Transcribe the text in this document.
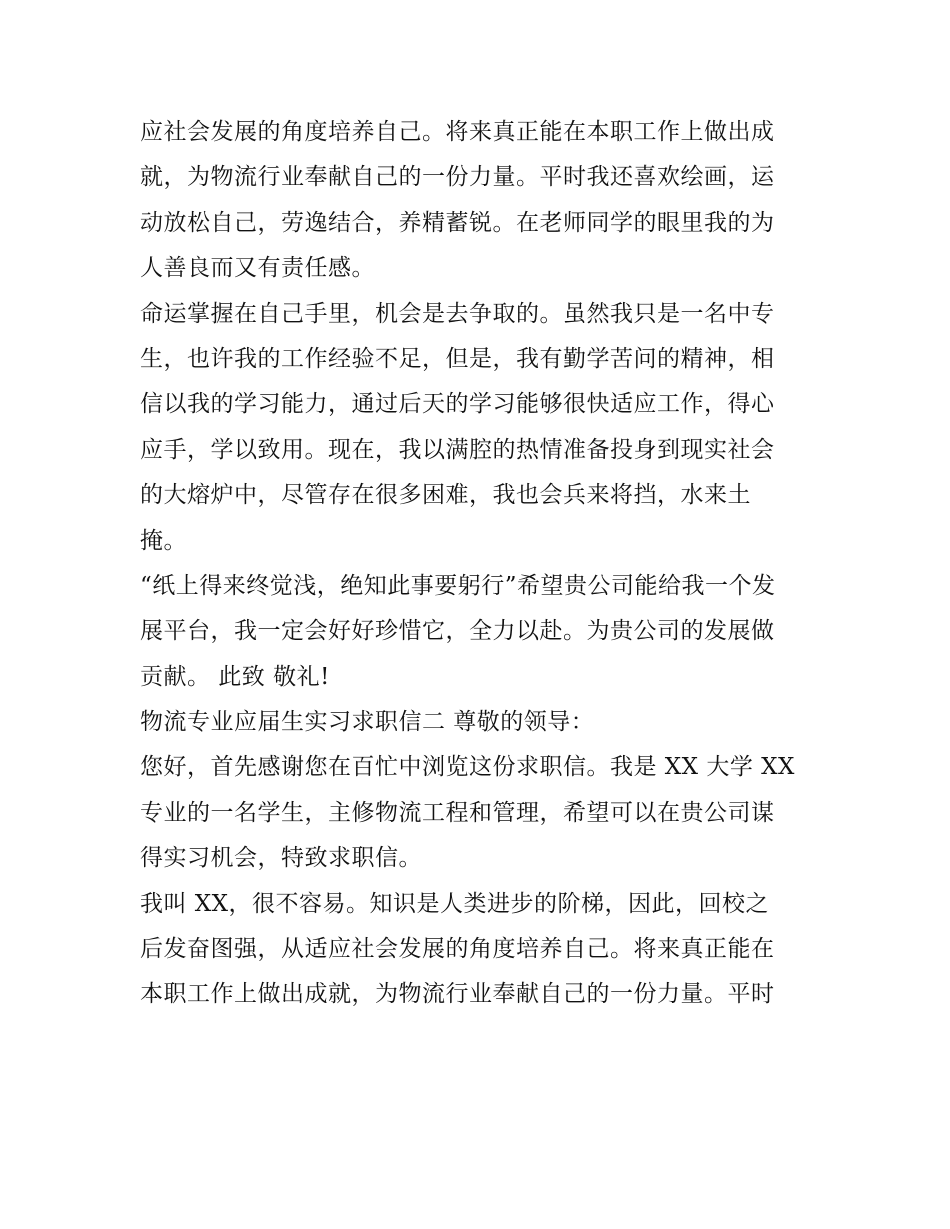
应社会发展的角度培养自己。将来真正能在本职工作上做出成
就，为物流行业奉献自己的一份力量。平时我还喜欢绘画，运
动放松自己，劳逸结合，养精蓄锐。在老师同学的眼里我的为
人善良而又有责任感。
命运掌握在自己手里，机会是去争取的。虽然我只是一名中专
生，也许我的工作经验不足，但是，我有勤学苦问的精神，相
信以我的学习能力，通过后天的学习能够很快适应工作，得心
应手，学以致用。现在，我以满腔的热情准备投身到现实社会
的大熔炉中，尽管存在很多困难，我也会兵来将挡，水来土
掩。
“纸上得来终觉浅，绝知此事要躬行”希望贵公司能给我一个发
展平台，我一定会好好珍惜它，全力以赴。为贵公司的发展做
贡献。 此致 敬礼!
物流专业应届生实习求职信二 尊敬的领导：
您好，首先感谢您在百忙中浏览这份求职信。我是 XX 大学 XX
专业的一名学生，主修物流工程和管理，希望可以在贵公司谋
得实习机会，特致求职信。
我叫 XX，很不容易。知识是人类进步的阶梯，因此，回校之
后发奋图强，从适应社会发展的角度培养自己。将来真正能在
本职工作上做出成就，为物流行业奉献自己的一份力量。平时
